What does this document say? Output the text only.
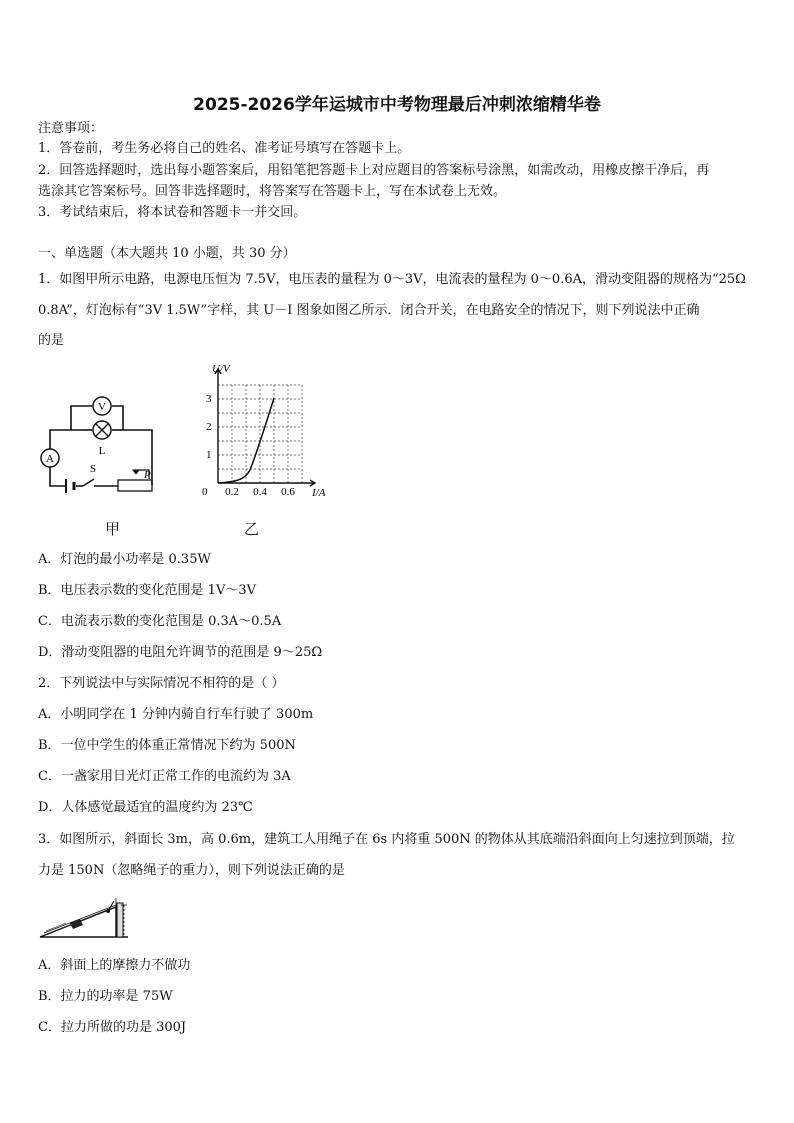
2025-2026学年运城市中考物理最后冲刺浓缩精华卷
注意事项：
1．答卷前，考生务必将自己的姓名、准考证号填写在答题卡上。
2．回答选择题时，选出每小题答案后，用铅笔把答题卡上对应题目的答案标号涂黑，如需改动，用橡皮擦干净后，再
选涂其它答案标号。回答非选择题时，将答案写在答题卡上，写在本试卷上无效。
3．考试结束后，将本试卷和答题卡一并交回。
一、单选题（本大题共 10 小题，共 30 分）
1．如图甲所示电路，电源电压恒为 7.5V，电压表的量程为 0～3V，电流表的量程为 0～0.6A，滑动变阻器的规格为“25Ω
0.8A”，灯泡标有“3V 1.5W”字样，其 U－I 图象如图乙所示．闭合开关，在电路安全的情况下，则下列说法中正确
的是
A
V
L
S	P
甲
U/V
I/A
0 0.2 0.4 0.6
1
2
3
乙
A．灯泡的最小功率是 0.35W
B．电压表示数的变化范围是 1V～3V
C．电流表示数的变化范围是 0.3A～0.5A
D．滑动变阻器的电阻允许调节的范围是 9～25Ω
2．下列说法中与实际情况不相符的是（ ）
A．小明同学在 1 分钟内骑自行车行驶了 300m
B．一位中学生的体重正常情况下约为 500N
C．一盏家用日光灯正常工作的电流约为 3A
D．人体感觉最适宜的温度约为 23℃
3．如图所示，斜面长 3m，高 0.6m，建筑工人用绳子在 6s 内将重 500N 的物体从其底端沿斜面向上匀速拉到顶端，拉
力是 150N（忽略绳子的重力），则下列说法正确的是
A．斜面上的摩擦力不做功
B．拉力的功率是 75W
C．拉力所做的功是 300J
